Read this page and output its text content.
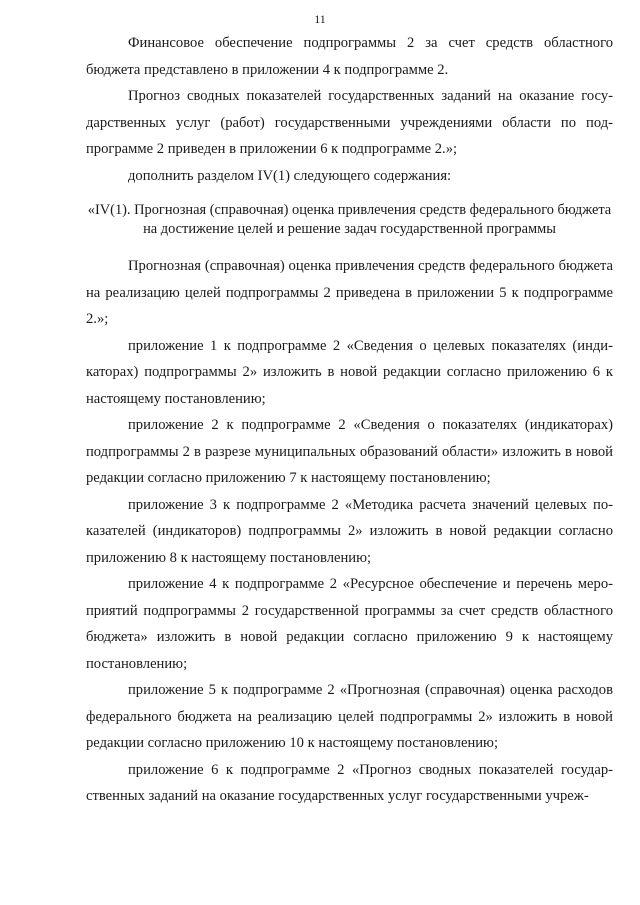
11

Финансовое обеспечение подпрограммы 2 за счет средств областного бюджета представлено в приложении 4 к подпрограмме 2.

Прогноз сводных показателей государственных заданий на оказание государственных услуг (работ) государственными учреждениями области по подпрограмме 2 приведен в приложении 6 к подпрограмме 2.»;

дополнить разделом IV(1) следующего содержания:

«IV(1). Прогнозная (справочная) оценка привлечения средств федерального бюджета на достижение целей и решение задач государственной программы

Прогнозная (справочная) оценка привлечения средств федерального бюджета на реализацию целей подпрограммы 2 приведена в приложении 5 к подпрограмме 2.»;

приложение 1 к подпрограмме 2 «Сведения о целевых показателях (индикаторах) подпрограммы 2» изложить в новой редакции согласно приложению 6 к настоящему постановлению;

приложение 2 к подпрограмме 2 «Сведения о показателях (индикаторах) подпрограммы 2 в разрезе муниципальных образований области» изложить в новой редакции согласно приложению 7 к настоящему постановлению;

приложение 3 к подпрограмме 2 «Методика расчета значений целевых показателей (индикаторов) подпрограммы 2» изложить в новой редакции согласно приложению 8 к настоящему постановлению;

приложение 4 к подпрограмме 2 «Ресурсное обеспечение и перечень мероприятий подпрограммы 2 государственной программы за счет средств областного бюджета» изложить в новой редакции согласно приложению 9 к настоящему постановлению;

приложение 5 к подпрограмме 2 «Прогнозная (справочная) оценка расходов федерального бюджета на реализацию целей подпрограммы 2» изложить в новой редакции согласно приложению 10 к настоящему постановлению;

приложение 6 к подпрограмме 2 «Прогноз сводных показателей государственных заданий на оказание государственных услуг государственными учреж-
